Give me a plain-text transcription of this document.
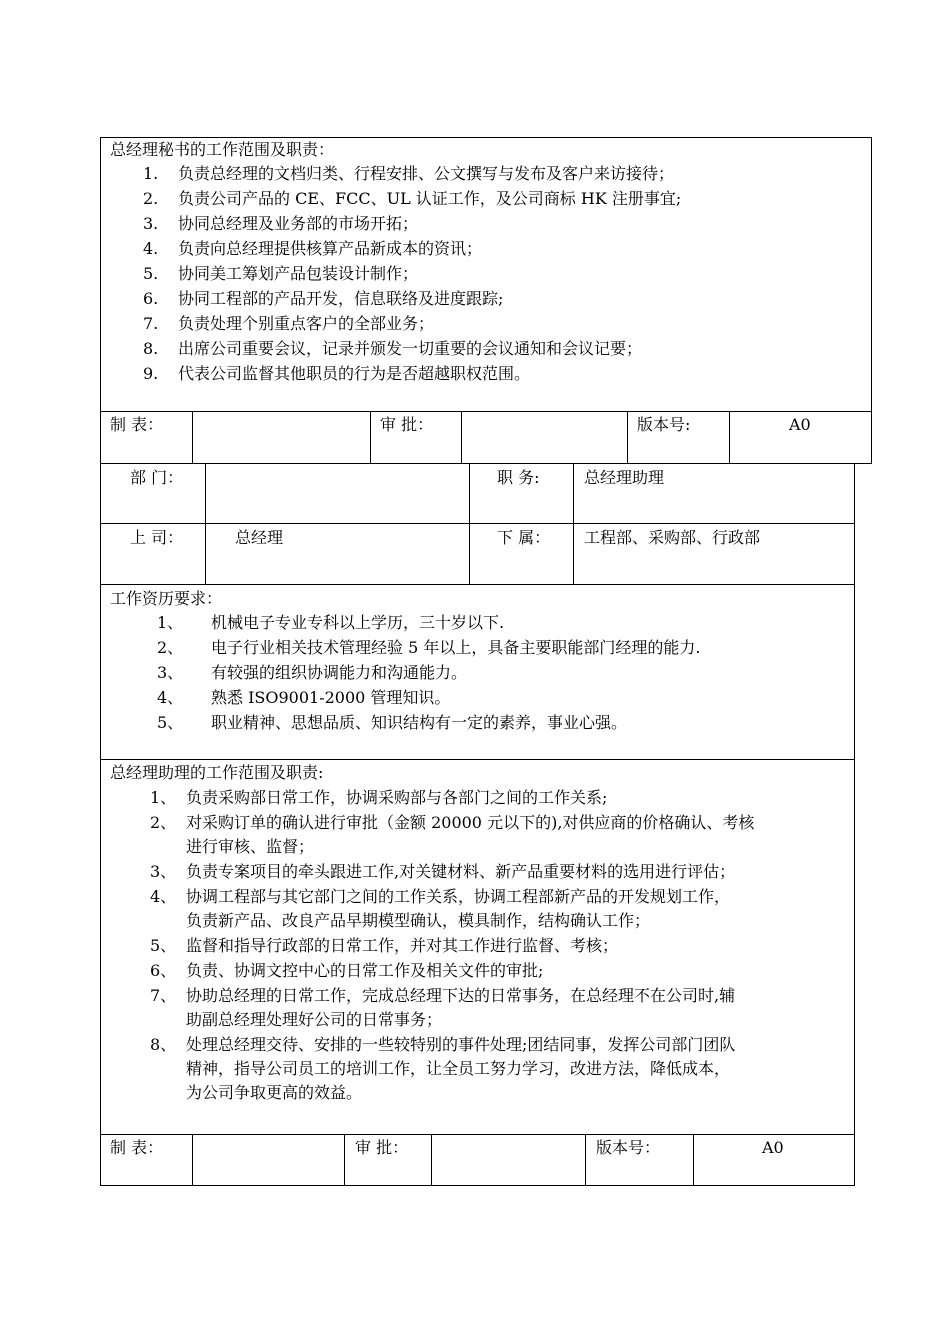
总经理秘书的工作范围及职责：
1. 负责总经理的文档归类、行程安排、公文撰写与发布及客户来访接待；
2. 负责公司产品的 CE、FCC、UL 认证工作，及公司商标 HK 注册事宜;
3. 协同总经理及业务部的市场开拓；
4. 负责向总经理提供核算产品新成本的资讯；
5. 协同美工筹划产品包装设计制作；
6. 协同工程部的产品开发，信息联络及进度跟踪;
7. 负责处理个别重点客户的全部业务；
8. 出席公司重要会议，记录并颁发一切重要的会议通知和会议记要；
9. 代表公司监督其他职员的行为是否超越职权范围。
制 表：	审 批：	版本号:	A0
部 门：	职 务:	总经理助理
上 司：	总经理	下 属： 工程部、采购部、行政部
工作资历要求：
1、 机械电子专业专科以上学历，三十岁以下.
2、 电子行业相关技术管理经验 5 年以上，具备主要职能部门经理的能力.
3、 有较强的组织协调能力和沟通能力。
4、 熟悉 ISO9001-2000 管理知识。
5、 职业精神、思想品质、知识结构有一定的素养，事业心强。
总经理助理的工作范围及职责:
1、 负责采购部日常工作，协调采购部与各部门之间的工作关系;
2、 对采购订单的确认进行审批（金额 20000 元以下的),对供应商的价格确认、考核
进行审核、监督；
3、 负责专案项目的牵头跟进工作,对关键材料、新产品重要材料的选用进行评估；
4、 协调工程部与其它部门之间的工作关系，协调工程部新产品的开发规划工作，
负责新产品、改良产品早期模型确认，模具制作，结构确认工作；
5、 监督和指导行政部的日常工作，并对其工作进行监督、考核；
6、 负责、协调文控中心的日常工作及相关文件的审批;
7、 协助总经理的日常工作，完成总经理下达的日常事务，在总经理不在公司时,辅
助副总经理处理好公司的日常事务；
8、 处理总经理交待、安排的一些较特别的事件处理;团结同事，发挥公司部门团队
精神，指导公司员工的培训工作，让全员工努力学习，改进方法，降低成本，
为公司争取更高的效益。
制 表：	审 批：	版本号：	A0
